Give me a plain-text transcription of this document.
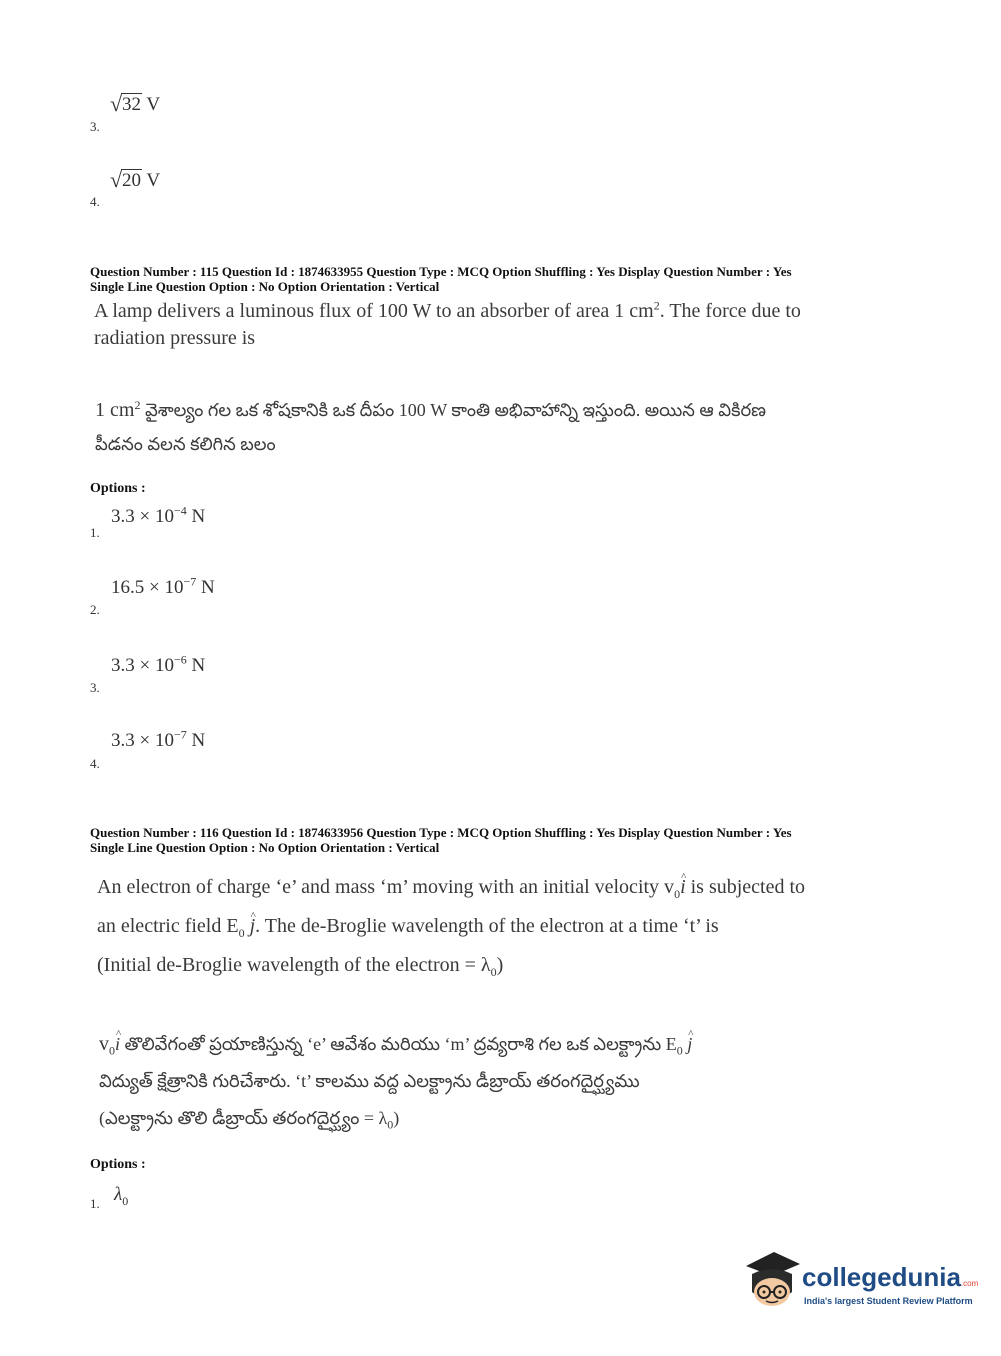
√ 32 V
3.
√ 20 V
4.
Question Number : 115 Question Id : 1874633955 Question Type : MCQ Option Shuffling : Yes Display Question Number : Yes
Single Line Question Option : No Option Orientation : Vertical
A lamp delivers a luminous flux of 100 W to an absorber of area 1 $cm^2$. The force due to
radiation pressure is
1 $cm^2$ వైశాల్యం గల ఒక శోషకానికి ఒక దీపం 100 W కాంతి అభివాహాన్ని ఇస్తుంది. అయిన ఆ వికిరణ
పీడనం వలన కలిగిన బలం
Options :
$3.3 \times 10^{-4}$ N
1.
$16.5 \times 10^{-7}$ N
2.
$3.3 \times 10^{-6}$ N
3.
$3.3 \times 10^{-7}$ N
4.
Question Number : 116 Question Id : 1874633956 Question Type : MCQ Option Shuffling : Yes Display Question Number : Yes
Single Line Question Option : No Option Orientation : Vertical
An electron of charge ‘e’ and mass ‘m’ moving with an initial velocity $v_0\^{}$ i is subjected to
an electric field $E_0$ ^ j. The de-Broglie wavelength of the electron at a time ‘t’ is
(Initial de-Broglie wavelength of the electron = $\lambda_0$)
$v_0\^{}$ i తొలివేగంతో ప్రయాణిస్తున్న ‘e’ ఆవేశం మరియు ‘m’ ద్రవ్యరాశి గల ఒక ఎలక్ట్రాను $E_0$ ^ j
విద్యుత్ క్షేత్రానికి గురిచేశారు. ‘t’ కాలము వద్ద ఎలక్ట్రాను డీబ్రాయ్ తరంగదైర్ఘ్యము
(ఎలక్ట్రాను తొలి డీబ్రాయ్ తరంగదైర్ఘ్యం = $\lambda_0$)
Options :
$\lambda_0$
1.
collegedunia.com
India's largest Student Review Platform
